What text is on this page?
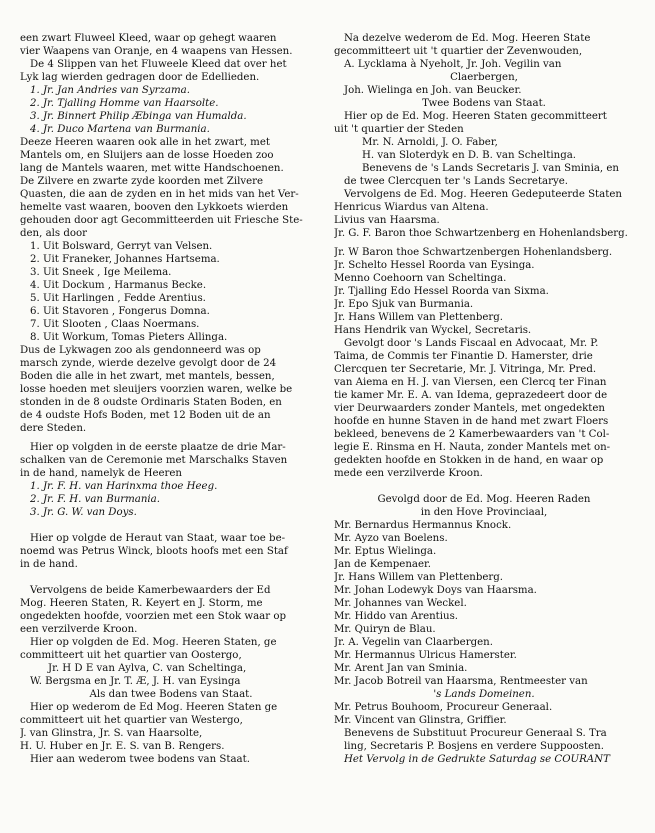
een zwart Fluweel Kleed, waar op gehegt waaren
vier Waapens van Oranje, en 4 waapens van Hessen.
De 4 Slippen van het Fluweele Kleed dat over het
Lyk lag wierden gedragen door de Edellieden.
1. Jr. Jan Andries van Syrzama.
2. Jr. Tjalling Homme van Haarsolte.
3. Jr. Binnert Philip Æbinga van Humalda.
4. Jr. Duco Martena van Burmania.
Deeze Heeren waaren ook alle in het zwart, met
Mantels om, en Sluijers aan de losse Hoeden zoo
lang de Mantels waaren, met witte Handschoenen.
De Zilvere en zwarte zyde koorden met Zilvere
Quasten, die aan de zyden en in het mids van het Ver-
hemelte vast waaren, booven den Lykkoets wierden
gehouden door agt Gecommitteerden uit Friesche Ste-
den, als door
1. Uit Bolsward, Gerryt van Velsen.
2. Uit Franeker, Johannes Hartsema.
3. Uit Sneek , Ige Meilema.
4. Uit Dockum , Harmanus Becke.
5. Uit Harlingen , Fedde Arentius.
6. Uit Stavoren , Fongerus Domna.
7. Uit Slooten , Claas Noermans.
8. Uit Workum, Tomas Pieters Allinga.
Dus de Lykwagen zoo als gendonneerd was op
marsch zynde, wierde dezelve gevolgt door de 24
Boden die alle in het zwart, met mantels, bessen,
losse hoeden met sleuijers voorzien waren, welke be
stonden in de 8 oudste Ordinaris Staten Boden, en
de 4 oudste Hofs Boden, met 12 Boden uit de an
dere Steden.
Hier op volgden in de eerste plaatze de drie Mar-
schalken van de Ceremonie met Marschalks Staven
in de hand, namelyk de Heeren
1. Jr. F. H. van Harinxma thoe Heeg.
2. Jr. F. H. van Burmania.
3. Jr. G. W. van Doys.
Hier op volgde de Heraut van Staat, waar toe be-
noemd was Petrus Winck, bloots hoofs met een Staf
in de hand.
Vervolgens de beide Kamerbewaarders der Ed
Mog. Heeren Staten, R. Keyert en J. Storm, me
ongedekten hoofde, voorzien met een Stok waar op
een verzilverde Kroon.
Hier op volgden de Ed. Mog. Heeren Staten, ge
committeert uit het quartier van Oostergo,
Jr. H D E van Aylva, C. van Scheltinga,
W. Bergsma en Jr. T. Æ, J. H. van Eysinga
Als dan twee Bodens van Staat.
Hier op wederom de Ed Mog. Heeren Staten ge
committeert uit het quartier van Westergo,
J. van Glinstra, Jr. S. van Haarsolte,
H. U. Huber en Jr. E. S. van B. Rengers.
Hier aan wederom twee bodens van Staat.
Na dezelve wederom de Ed. Mog. Heeren State
gecommitteert uit 't quartier der Zevenwouden,
A. Lycklama à Nyeholt, Jr. Joh. Vegilin van
Claerbergen,
Joh. Wielinga en Joh. van Beucker.
Twee Bodens van Staat.
Hier op de Ed. Mog. Heeren Staten gecommitteert
uit 't quartier der Steden
Mr. N. Arnoldi, J. O. Faber,
H. van Sloterdyk en D. B. van Scheltinga.
Benevens de 's Lands Secretaris J. van Sminia, en
de twee Clercquen ter 's Lands Secretarye.
Vervolgens de Ed. Mog. Heeren Gedeputeerde Staten
Henricus Wiardus van Altena.
Livius van Haarsma.
Jr. G. F. Baron thoe Schwartzenberg en Hohenlandsberg.
Jr. W Baron thoe Schwartzenbergen Hohenlandsberg.
Jr. Schelto Hessel Roorda van Eysinga.
Menno Coehoorn van Scheltinga.
Jr. Tjalling Edo Hessel Roorda van Sixma.
Jr. Epo Sjuk van Burmania.
Jr. Hans Willem van Plettenberg.
Hans Hendrik van Wyckel, Secretaris.
Gevolgt door 's Lands Fiscaal en Advocaat, Mr. P.
Taima, de Commis ter Finantie D. Hamerster, drie
Clercquen ter Secretarie, Mr. J. Vitringa, Mr. Pred.
van Aiema en H. J. van Viersen, een Clercq ter Finan
tie kamer Mr. E. A. van Idema, geprazedeert door de
vier Deurwaarders zonder Mantels, met ongedekten
hoofde en hunne Staven in de hand met zwart Floers
bekleed, benevens de 2 Kamerbewaarders van 't Col-
legie E. Rinsma en H. Nauta, zonder Mantels met on-
gedekten hoofde en Stokken in de hand, en waar op
mede een verzilverde Kroon.
Gevolgd door de Ed. Mog. Heeren Raden
in den Hove Provinciaal,
Mr. Bernardus Hermannus Knock.
Mr. Ayzo van Boelens.
Mr. Eptus Wielinga.
Jan de Kempenaer.
Jr. Hans Willem van Plettenberg.
Mr. Johan Lodewyk Doys van Haarsma.
Mr. Johannes van Weckel.
Mr. Hiddo van Arentius.
Mr. Quiryn de Blau.
Jr. A. Vegelin van Claarbergen.
Mr. Hermannus Ulricus Hamerster.
Mr. Arent Jan van Sminia.
Mr. Jacob Botreil van Haarsma, Rentmeester van
's Lands Domeinen.
Mr. Petrus Bouhoom, Procureur Generaal.
Mr. Vincent van Glinstra, Griffier.
Benevens de Substituut Procureur Generaal S. Tra
ling, Secretaris P. Bosjens en verdere Suppoosten.
Het Vervolg in de Gedrukte Saturdag se COURANT
